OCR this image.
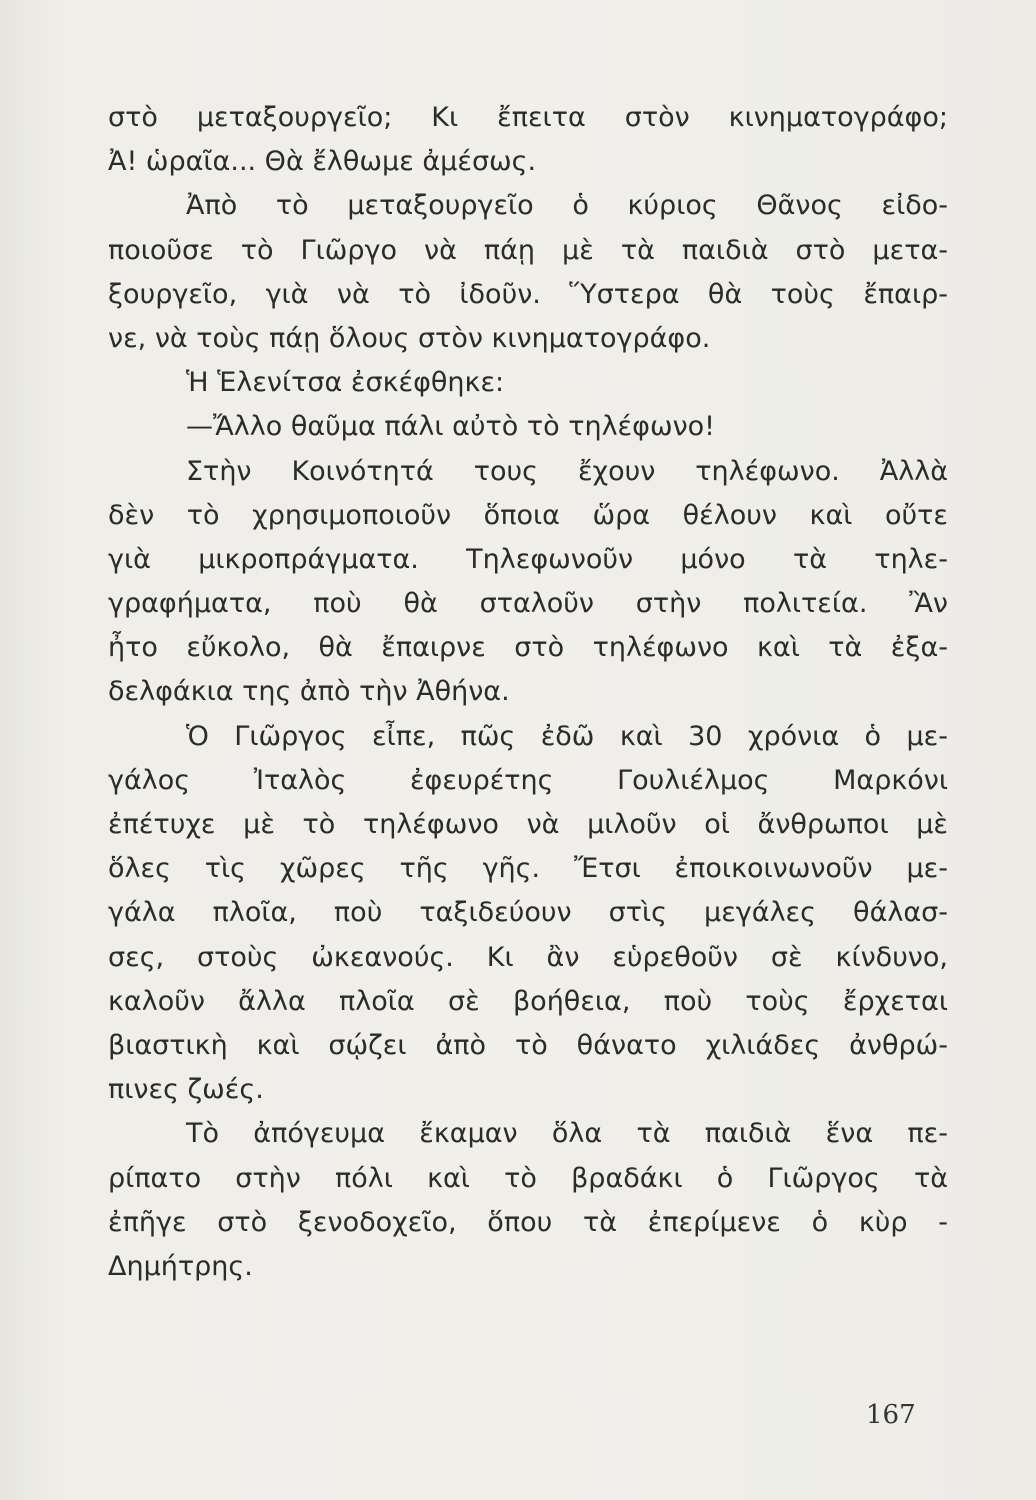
στὸ μεταξουργεῖο; Κι ἔπειτα στὸν κινηματογράφο;
Ἀ! ὡραῖα... Θὰ ἔλθωμε ἀμέσως.
Ἀπὸ τὸ μεταξουργεῖο ὁ κύριος Θᾶνος εἰδο-
ποιοῦσε τὸ Γιῶργο νὰ πάῃ μὲ τὰ παιδιὰ στὸ μετα-
ξουργεῖο, γιὰ νὰ τὸ ἰδοῦν. Ὕστερα θὰ τοὺς ἔπαιρ-
νε, νὰ τοὺς πάῃ ὅλους στὸν κινηματογράφο.
Ἡ Ἑλενίτσα ἐσκέφθηκε:
—Ἄλλο θαῦμα πάλι αὐτὸ τὸ τηλέφωνο!
Στὴν Κοινότητά τους ἔχουν τηλέφωνο. Ἀλλὰ
δὲν τὸ χρησιμοποιοῦν ὅποια ὥρα θέλουν καὶ οὔτε
γιὰ μικροπράγματα. Τηλεφωνοῦν μόνο τὰ τηλε-
γραφήματα, ποὺ θὰ σταλοῦν στὴν πολιτεία. Ἂν
ἦτο εὔκολο, θὰ ἔπαιρνε στὸ τηλέφωνο καὶ τὰ ἐξα-
δελφάκια της ἀπὸ τὴν Ἀθήνα.
Ὁ Γιῶργος εἶπε, πῶς ἐδῶ καὶ 30 χρόνια ὁ με-
γάλος Ἰταλὸς ἐφευρέτης Γουλιέλμος Μαρκόνι
ἐπέτυχε μὲ τὸ τηλέφωνο νὰ μιλοῦν οἱ ἄνθρωποι μὲ
ὅλες τὶς χῶρες τῆς γῆς. Ἔτσι ἐποικοινωνοῦν με-
γάλα πλοῖα, ποὺ ταξιδεύουν στὶς μεγάλες θάλασ-
σες, στοὺς ὠκεανούς. Κι ἂν εὑρεθοῦν σὲ κίνδυνο,
καλοῦν ἄλλα πλοῖα σὲ βοήθεια, ποὺ τοὺς ἔρχεται
βιαστικὴ καὶ σῴζει ἀπὸ τὸ θάνατο χιλιάδες ἀνθρώ-
πινες ζωές.
Τὸ ἀπόγευμα ἔκαμαν ὅλα τὰ παιδιὰ ἕνα πε-
ρίπατο στὴν πόλι καὶ τὸ βραδάκι ὁ Γιῶργος τὰ
ἐπῆγε στὸ ξενοδοχεῖο, ὅπου τὰ ἐπερίμενε ὁ κὺρ -
Δημήτρης.
167
